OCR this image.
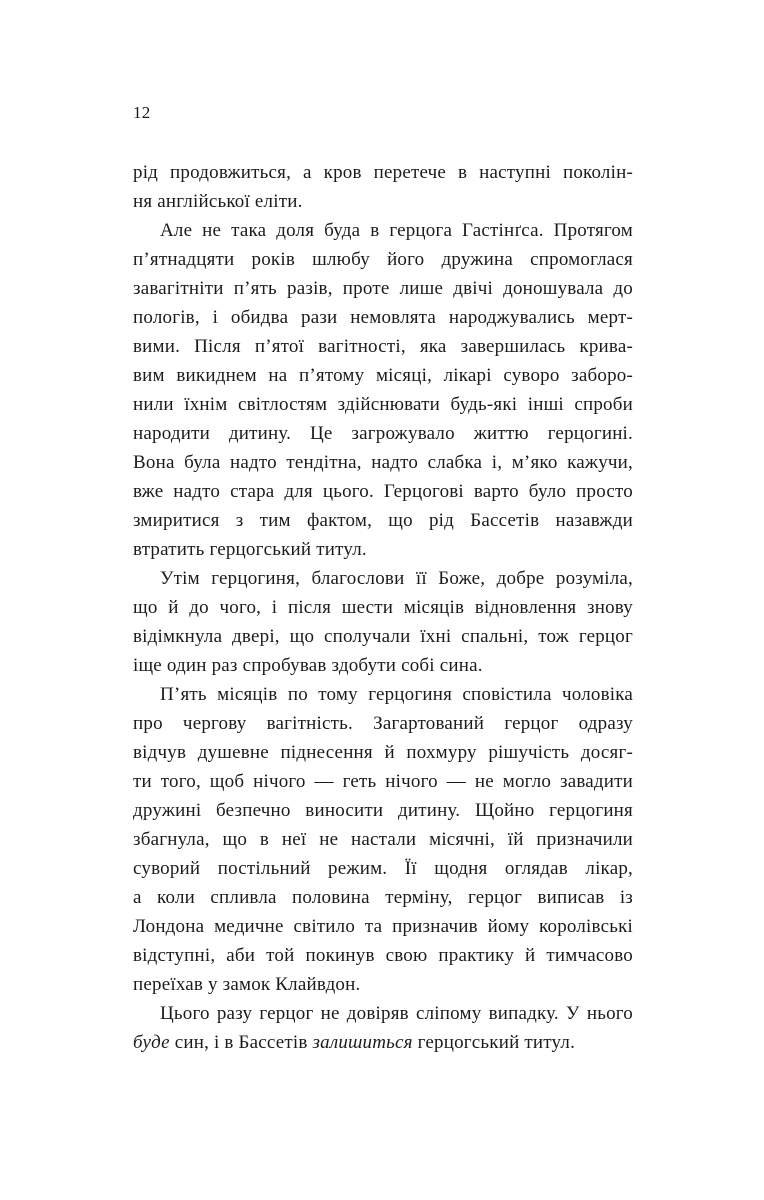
12
рід продовжиться, а кров перетече в наступні поколін-
ня англійської еліти.
Але не така доля буда в герцога Гастінґса. Протягом
п’ятнадцяти років шлюбу його дружина спромоглася
завагітніти п’ять разів, проте лише двічі доношувала до
пологів, і обидва рази немовлята народжувались мерт-
вими. Після п’ятої вагітності, яка завершилась крива-
вим викиднем на п’ятому місяці, лікарі суворо заборо-
нили їхнім світлостям здійснювати будь-які інші спроби
народити дитину. Це загрожувало життю герцогині.
Вона була надто тендітна, надто слабка і, м’яко кажучи,
вже надто стара для цього. Герцогові варто було просто
змиритися з тим фактом, що рід Бассетів назавжди
втратить герцогський титул.
Утім герцогиня, благослови її Боже, добре розуміла,
що й до чого, і після шести місяців відновлення знову
відімкнула двері, що сполучали їхні спальні, тож герцог
іще один раз спробував здобути собі сина.
П’ять місяців по тому герцогиня сповістила чоловіка
про чергову вагітність. Загартований герцог одразу
відчув душевне піднесення й похмуру рішучість досяг-
ти того, щоб нічого — геть нічого — не могло завадити
дружині безпечно виносити дитину. Щойно герцогиня
збагнула, що в неї не настали місячні, їй призначили
суворий постільний режим. Її щодня оглядав лікар,
а коли спливла половина терміну, герцог виписав із
Лондона медичне світило та призначив йому королівські
відступні, аби той покинув свою практику й тимчасово
переїхав у замок Клайвдон.
Цього разу герцог не довіряв сліпому випадку. У нього
буде син, і в Бассетів залишиться герцогський титул.
